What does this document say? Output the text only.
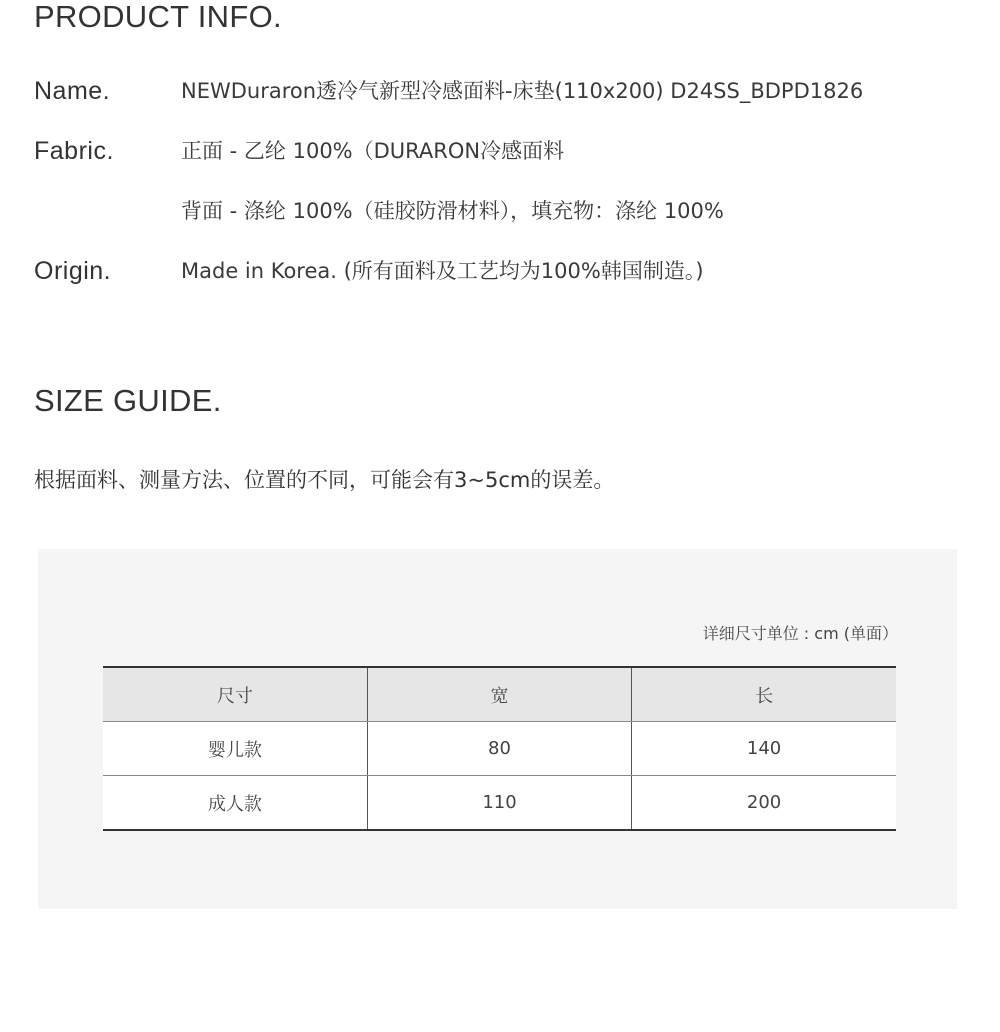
PRODUCT INFO.
Name.	NEWDuraron透冷气新型冷感面料-床垫(110x200) D24SS_BDPD1826
Fabric.	正面 - 乙纶 100%（DURARON冷感面料
背面 - 涤纶 100%（硅胶防滑材料），填充物：涤纶 100%
Origin.	Made in Korea. (所有面料及工艺均为100%韩国制造。)
SIZE GUIDE.
根据面料、测量方法、位置的不同，可能会有3~5cm的误差。
详细尺寸单位 : cm (单面）
尺寸	宽	长
婴儿款	80	140
成人款	110	200
